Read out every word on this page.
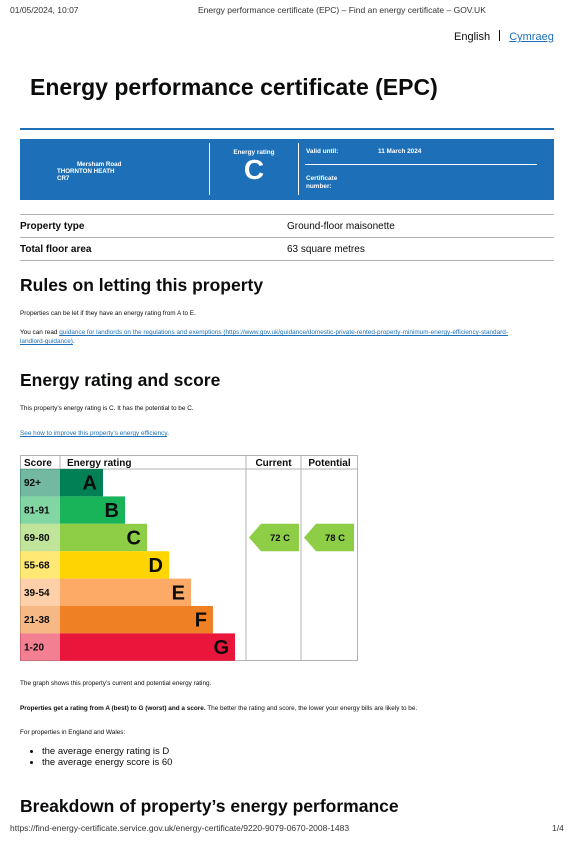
01/05/2024, 10:07	Energy performance certificate (EPC) – Find an energy certificate – GOV.UK
English Cymraeg
Energy performance certificate (EPC)
Mersham Road
THORNTON HEATH
CR7
Energy rating
C
Valid until:	11 March 2024
Certificate
number:
Property type	Ground-floor maisonette
Total floor area	63 square metres
Rules on letting this property
Properties can be let if they have an energy rating from A to E.
You can read guidance for landlords on the regulations and exemptions (https://www.gov.uk/guidance/domestic-private-rented-property-minimum-energy-efficiency-standard-
landlord-guidance).
Energy rating and score
This property’s energy rating is C. It has the potential to be C.
See how to improve this property’s energy efficiency.
Score Energy rating	Current Potential
92+ A
81-91	B
69-80	C
55-68	D
39-54	E
21-38	F
1-20	G
72 C	78 C
The graph shows this property’s current and potential energy rating.
Properties get a rating from A (best) to G (worst) and a score. The better the rating and score, the lower your energy bills are likely to be.
For properties in England and Wales:
• the average energy rating is D
• the average energy score is 60
Breakdown of property’s energy performance
https://find-energy-certificate.service.gov.uk/energy-certificate/9220-9079-0670-2008-1483	1/4
